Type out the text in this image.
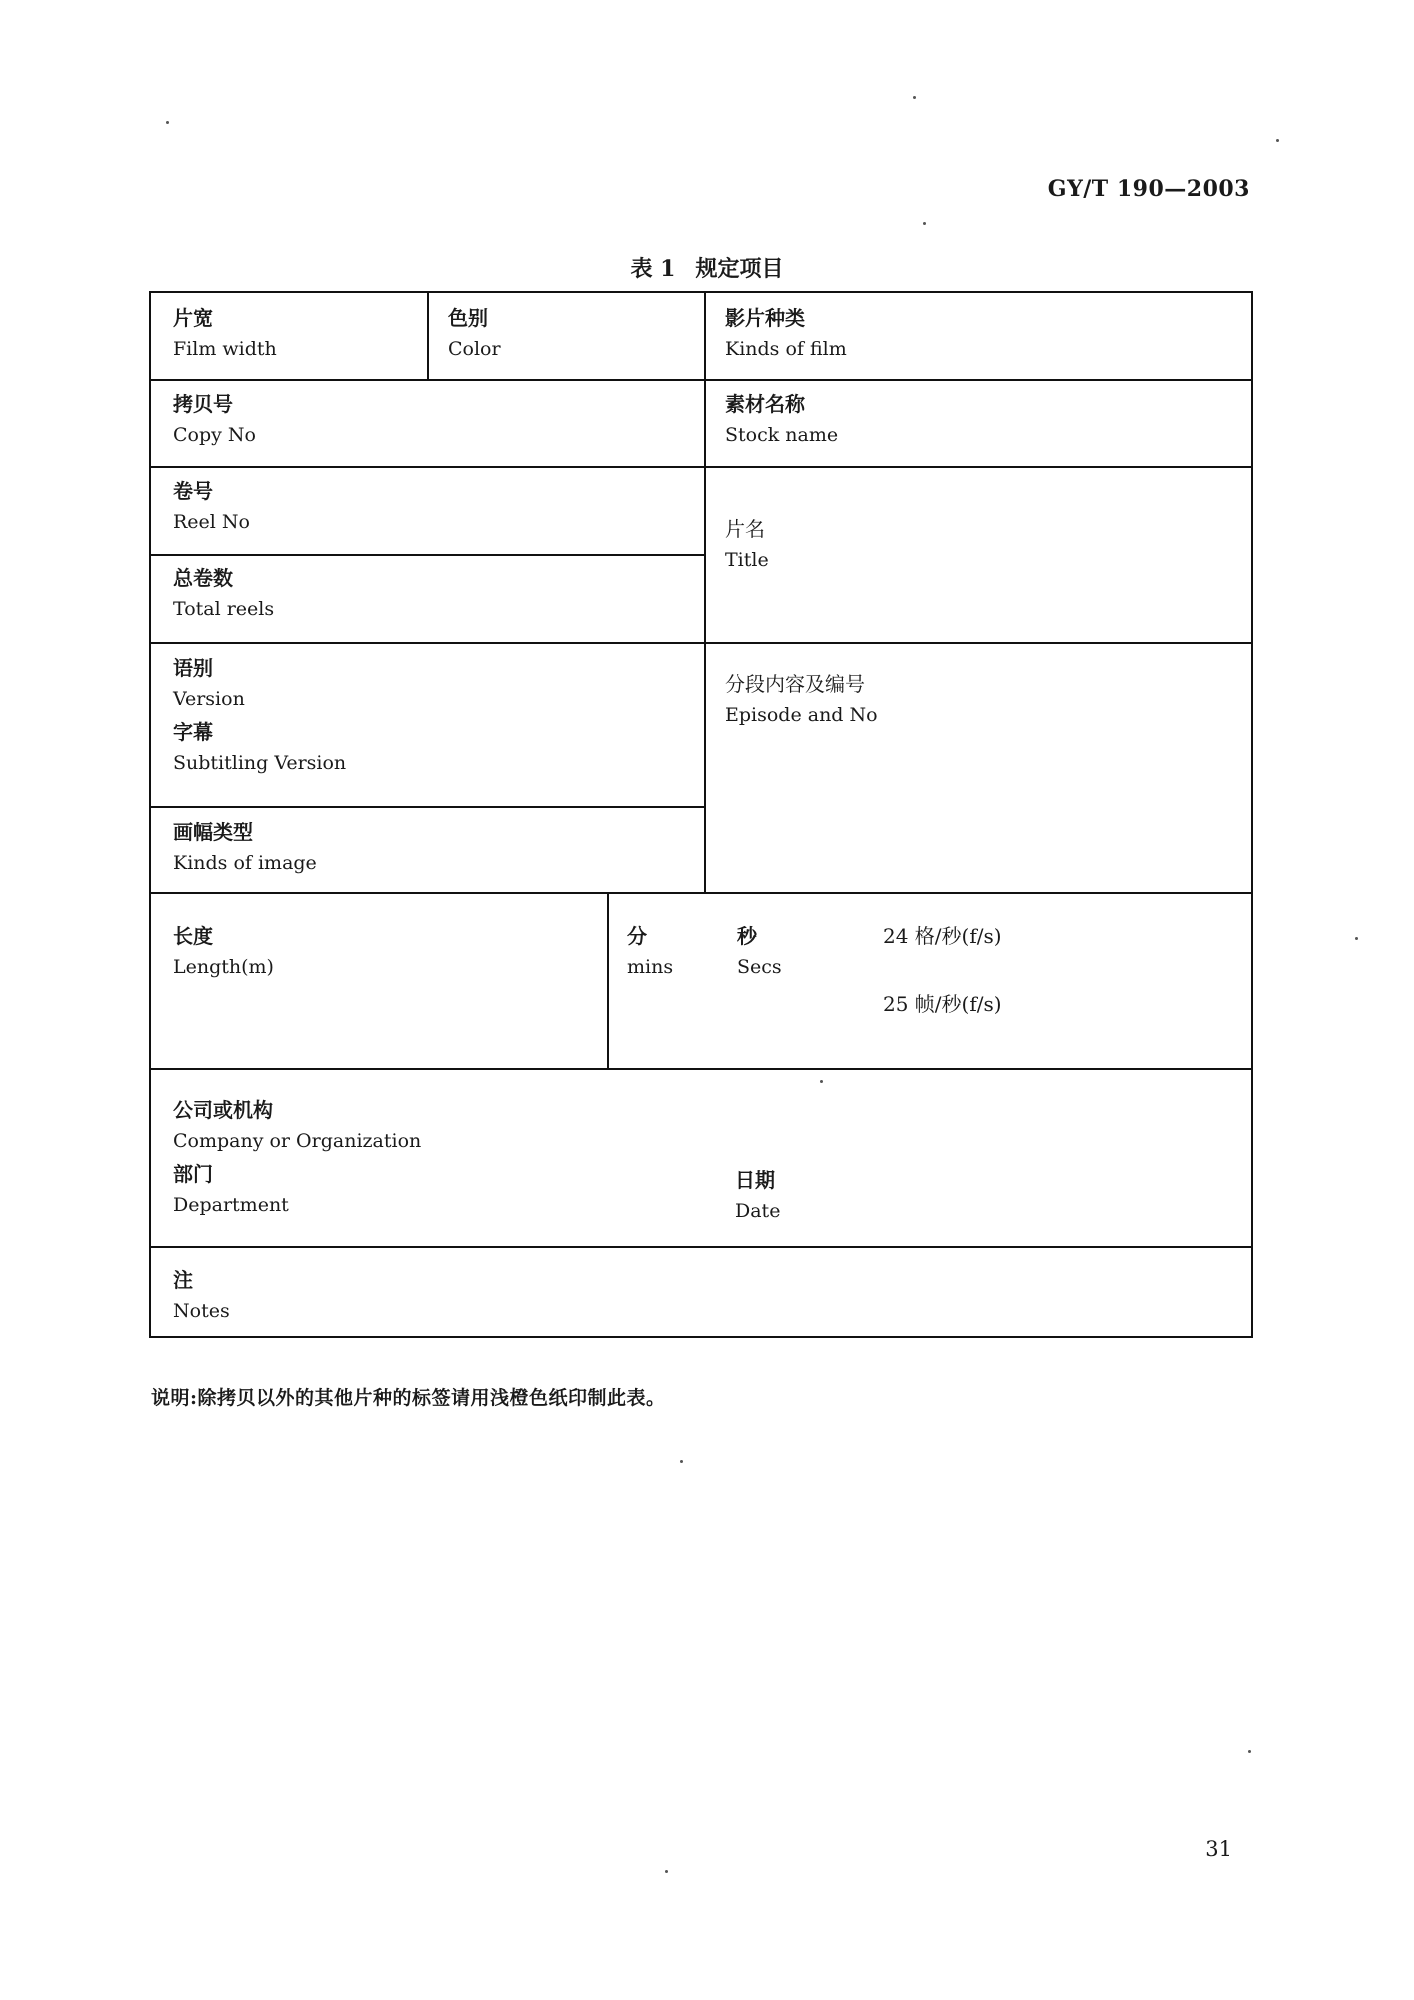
GY/T 190—2003
表 1 规定项目
片宽
Film width
色别
Color
影片种类
Kinds of film
拷贝号
Copy No
素材名称
Stock name
卷号
Reel No	片名
Title
总卷数
Total reels
语别
Version
字幕
Subtitling Version
分段内容及编号
Episode and No
画幅类型
Kinds of image
长度
Length(m)
分
mins
秒
Secs
24 格/秒(f/s)
25 帧/秒(f/s)
公司或机构
Company or Organization
部门
Department
日期
Date
注
Notes
说明:除拷贝以外的其他片种的标签请用浅橙色纸印制此表。
31
